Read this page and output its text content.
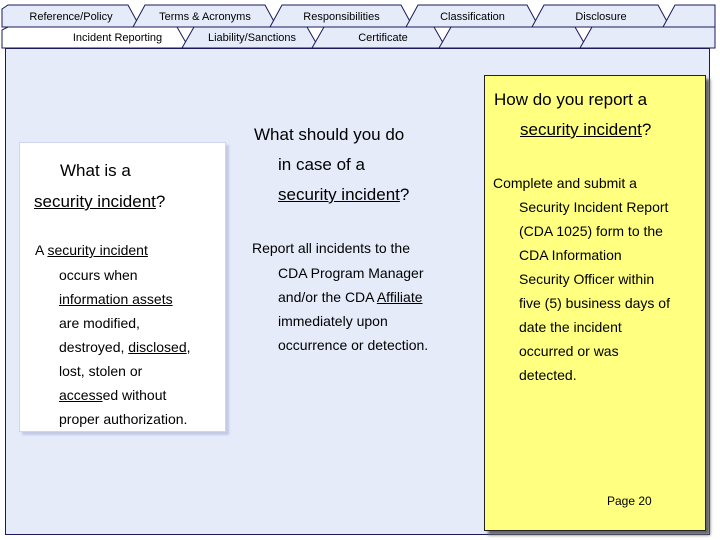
Reference/Policy	Terms & Acronyms	Responsibilities	Classification	Disclosure
Incident Reporting	Liability/Sanctions	Certificate
What is a
security incident?
A security incident
occurs when
information assets
are modified,
destroyed, disclosed,
lost, stolen or
accessed without
proper authorization.
What should you do
in case of a
security incident?
Report all incidents to the
CDA Program Manager
and/or the CDA Affiliate
immediately upon
occurrence or detection.
How do you report a
security incident?
Complete and submit a
Security Incident Report
(CDA 1025) form to the
CDA Information
Security Officer within
five (5) business days of
date the incident
occurred or was
detected.
Page 20
